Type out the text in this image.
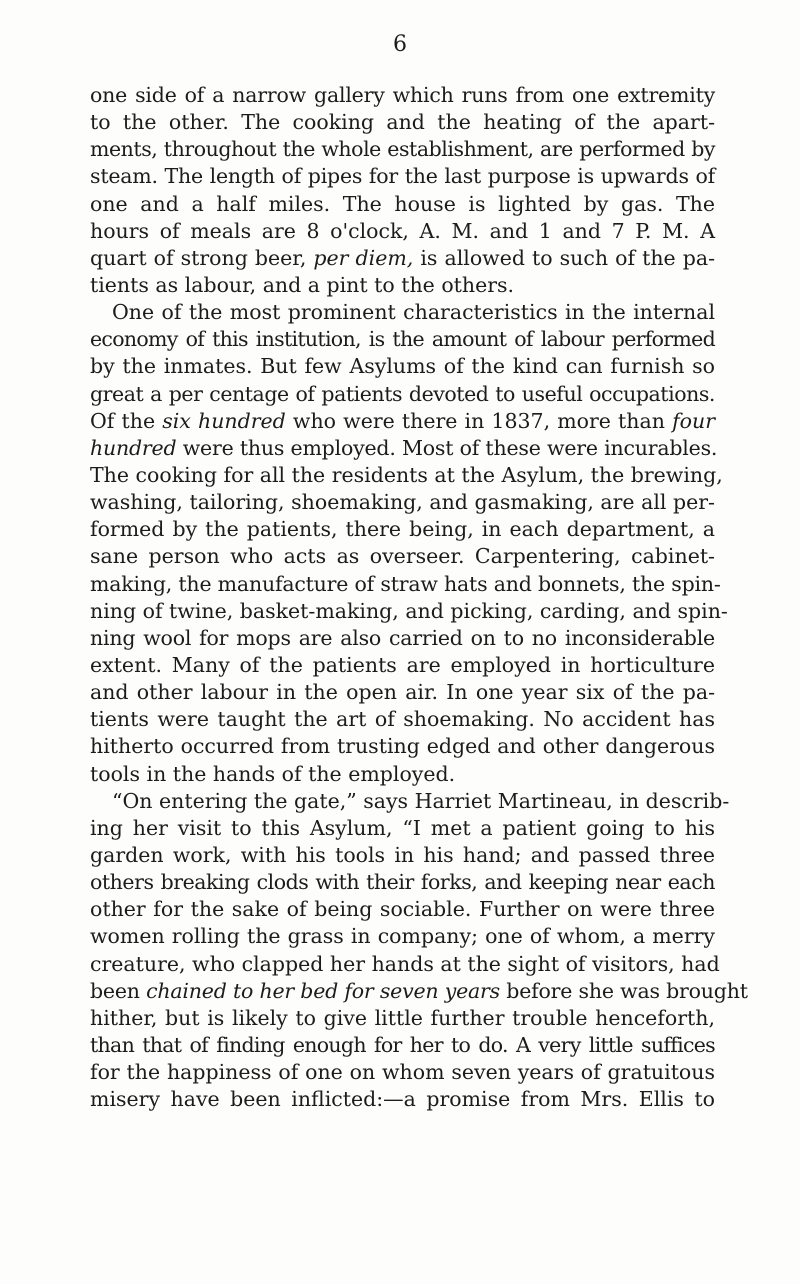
6
one side of a narrow gallery which runs from one extremity
to the other. The cooking and the heating of the apart-
ments, throughout the whole establishment, are performed by
steam. The length of pipes for the last purpose is upwards of
one and a half miles. The house is lighted by gas. The
hours of meals are 8 o'clock, A. M. and 1 and 7 P. M. A
quart of strong beer, per diem, is allowed to such of the pa-
tients as labour, and a pint to the others.
One of the most prominent characteristics in the internal
economy of this institution, is the amount of labour performed
by the inmates. But few Asylums of the kind can furnish so
great a per centage of patients devoted to useful occupations.
Of the six hundred who were there in 1837, more than four
hundred were thus employed. Most of these were incurables.
The cooking for all the residents at the Asylum, the brewing,
washing, tailoring, shoemaking, and gasmaking, are all per-
formed by the patients, there being, in each department, a
sane person who acts as overseer. Carpentering, cabinet-
making, the manufacture of straw hats and bonnets, the spin-
ning of twine, basket-making, and picking, carding, and spin-
ning wool for mops are also carried on to no inconsiderable
extent. Many of the patients are employed in horticulture
and other labour in the open air. In one year six of the pa-
tients were taught the art of shoemaking. No accident has
hitherto occurred from trusting edged and other dangerous
tools in the hands of the employed.
“On entering the gate,” says Harriet Martineau, in describ-
ing her visit to this Asylum, “I met a patient going to his
garden work, with his tools in his hand; and passed three
others breaking clods with their forks, and keeping near each
other for the sake of being sociable. Further on were three
women rolling the grass in company; one of whom, a merry
creature, who clapped her hands at the sight of visitors, had
been chained to her bed for seven years before she was brought
hither, but is likely to give little further trouble henceforth,
than that of finding enough for her to do. A very little suffices
for the happiness of one on whom seven years of gratuitous
misery have been inflicted:—a promise from Mrs. Ellis to
